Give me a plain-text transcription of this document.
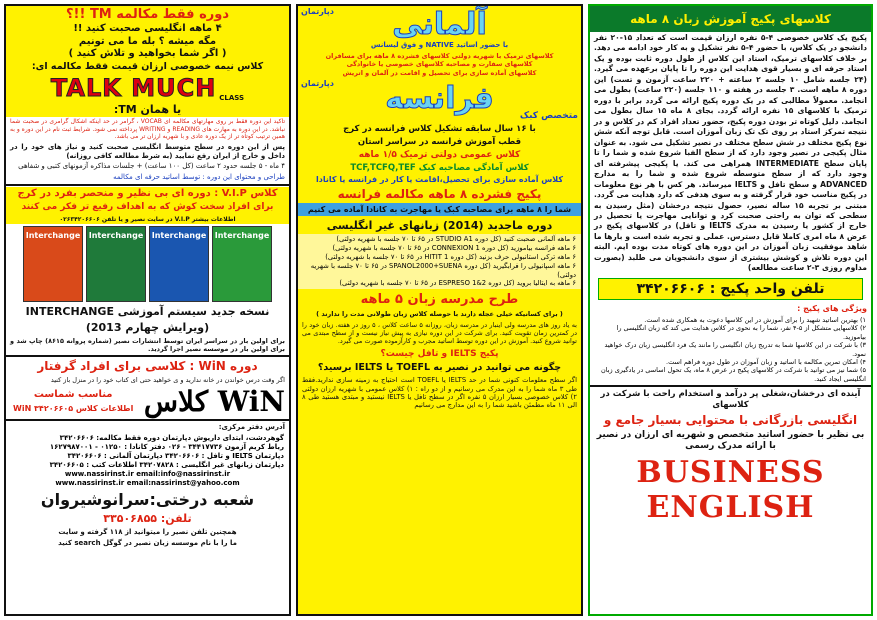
کلاسهای پکیج آموزش زبان ۸ ماهه
پکیج یک کلاس خصوصی ۴-۵ نفره ارزان قیمت است که تعداد ۱۵-۲۰ نفر دانشجو در یک کلاس، با حضور ۴-۵ نفر تشکیل و به کار خود ادامه می دهد. بر خلاف کلاسهای ترمیک، استاد این کلاس از طول دوره ثابت بوده و یک استاد حرفه ای و بسیار قوی هدایت این دوره را تا پایان برعهده می گیرد. (۲۴ جلسه شامل ۱۰ جلسه ۲ ساعته + ۲۲۰ ساعت آزمون و تست) این دوره ۸ ماهه است. ۳ جلسه در هفته و ۱۱۰ جلسه (۲۲۰ ساعت) بطول می انجامد. معمولاً مطالبی که در یک دوره پکیج ارائه می گردد برابر با دوره ترمیک با کلاسهای ۱۵ نفره ارائه گردد. بجای ۸ ماه ۱۵ سال بطول می انجامد. دلیل کوتاه تر بودن دوره پکیج، حضور تعداد افراد کم در کلاس و در نتیجه تمرکز استاد بر روی تک تک زبان آموزان است. قابل توجه آنکه شش نوع پکیج مختلف در شش سطح مختلف در نصیر تشکیل می شود. به عنوان مثال پکیجی در نصیر وجود دارد که از سطح الفبا شروع شده و شما را تا پایان سطح INTERMEDIATE همراهی می کند. یا پکیجی پیشرفته ای وجود دارد که از سطح متوسطه شروع شده و شما را به مدارج ADVANCED و سطح تافل و IELTS میرساند. هر کس با هر نوع معلومات در پکیج مناسب خود قرار گرفته و به سوی هدفی که دارد هدایت می گردد. مبتنی بر تجربه ۱۵ ساله نصیر، حصول نتیجه درخشان (مثل رسیدن به سطحی که توان به راحتی صحبت کرد و توانایی مهاجرت یا تحصیل در خارج از کشور یا رسیدن به مدرک IELTS و تافل) در کلاسهای پکیج در عرض ۸ ماه امری کاملا قابل دسترس. عملی و تجربه شده است و بارها ما شاهد موفقیت زبان آموزان در این دوره های کوتاه مدت بوده ایم. البته این دوره تلاش و کوشش بیشتری از سوی دانشجویان می طلبد (بصورت مداوم روزی ۳-۲ ساعت مطالعه)
تلفن واحد پکیج : ۳۴۲۰۶۶۰۶
ویژگی های پکیج :
۱) بهترین اساتید شهید را برای آموزش در این کلاسها دعوت به همکاری شده است.
۲) کلاسهایی متشکل از ۵-۴ نفر، شما را به نحوی در کلاس هدایت می کند که زبان انگلیسی را بیاموزید.
۳) با شرکت در این کلاسها شما به تدریج زبان انگلیسی را مانند یک فرد انگلیسی زبان درک خواهید نمود.
۴) امکان تمرین مکالمه با اساتید و زبان آموزان در طول دوره فراهم است.
۵) شما نیز می توانید با شرکت در کلاسهای پکیج در عرض ۸ ماه، یک تحول اساسی در یادگیری زبان انگلیسی ایجاد کنید.
آینده ای درخشان،شغلی پر درآمد و استخدام راحت با شرکت در کلاسهای
انگلیسی بازرگانی با محتوایی بسیار جامع و
بی نظیر با حضور اساتید متخصص و شهریه ای ارزان در نصیر با ارائه مدرک رسمی
BUSINESS ENGLISH
دپارتمان	آلمانی
با حضور اساتید NATIVE و فوق لیسانس
کلاسهای ترمیک با شهریه دولتی کلاسهای فشرده ۸ ماهه برای مسافران
کلاسهای سفارت و مصاحبه کلاسهای خصوصی یا خانوادگی
کلاسهای آماده سازی برای تحصیل و اقامت در آلمان و اتریش
دپارتمان	فرانسه	متخصص کبک
با ۱۶ سال سابقه تشکیل کلاس فرانسه در کرج
قطب آموزش فرانسه در سراسر استان
کلاس عمومی دولتی ترمیک ۱/۵ ماهه
کلاس آمادگی مصاحبه کبک TCF,TCFQ,TEF
کلاس آماده سازی برای تحصیل،اقامت یا کار در فرانسه یا کانادا
پکیج فشرده ۸ ماهه مکالمه فرانسه
شما را ۸ ماهه برای مصاحبه کبک یا مهاجرت به کانادا آماده می کنیم
دوره ماجدید (2014) زبانهای غیر انگلیسی
۶ ماهه آلمانی صحبت کنید (کل دوره STUDIO A1 در ۶۵ تا ۷۰ جلسه با شهریه دولتی)
۶ ماهه فرانسه بیاموزید (کل دوره CONNEXION 1 در ۶۵ تا ۷۰ جلسه با شهریه دولتی)
۶ ماهه ترکی استانبولی حرف بزنید (کل دوره HITIT 1 در ۶۵ تا ۷۰ جلسه با شهریه دولتی)
۶ ماهه اسپانیولی را فرابگیرید (کل دوره SPANOL2000+SUENA در ۶۵ تا ۷۰ جلسه با شهریه دولتی)
۶ ماهه به ایتالیا بروید (کل دوره ESPRESO 1&2 در ۶۵ تا ۷۰ جلسه با شهریه دولتی)
طرح مدرسه زبان ۵ ماهه
( برای کسانیکه خیلی عجله دارند با حوصله کلاس زبان طولانی مدت را ندارند )
به یاد روز های مدرسه ولی اینبار در مدرسه زبان، روزانه ۵ ساعت کلاس ، ۵ روز در هفته. زبان خود را در کمترین زمان تقویت کنید. برای شرکت در این دوره نیازی به پیش نیاز نیست و از سطح مبتدی می توانید شروع کنید. آموزش در این دوره توسط اساتید مجرب و کارآزموده صورت می گیرد.
پکیج IELTS و تافل چیست؟
چگونه می توانید در نصیر به TOEFL یا IELTS برسید؟
اگر سطح معلومات کنونی شما در حد IELTS یا TOEFL است احتیاج به زمینه سازی ندارید.فقط طی ۳ ماه شما را به این مدرک می رسانیم و از دو راه : ۱) کلاس عمومی با شهریه ارزان دولتی ۲) کلاس خصوصی بسیار ارزان ۵ نفره اگر در سطح تافل یا IELTS نیستید و مبتدی هستید طی ۸ الی ۱۱ ماه مطمئن باشید شما را به این مدارج می رسانیم
دوره فقط مکالمه TM !!؟
۴ ماهه انگلیسی صحبت کنید !!
مگه میشه ؟ بله ما می تونیم
( اگر شما بخواهید و تلاش کنید )
کلاس نیمه خصوصی ارزان قیمت فقط مکالمه ای:
TALK MUCH CLASS
یا همان TM:
تاکید این دوره فقط بر روی مهارتهای مکالمه ای VOCAB ، گرامر در حد اینکه اشکال گرامری در صحبت شما نباشد. در این دوره به مهارت های READING و WRITING پرداخته نمی شود. شرایط ثبت نام در این دوره و به همین ترتیب کوتاه تر از یک دوره عادی و با شهریه ارزان تر می باشد.
پس از این دوره در سطح متوسط انگلیسی صحبت کنید و نیاز های خود را در داخل و خارج از ایران رفع نمایید (به شرط مطالعه کافی روزانه)
۴ ماه - ۵ جلسه حدود ۲ ساعت (کل ۱۰۰ ساعت) + جلسات مذاکره آزمونهای کتبی و شفاهی
طراحی و محتوای این دوره : توسط اساتید حرفه ای مکالمه
کلاس V.I.P : دوره ای بی نظیر و منحصر بفرد در کرج
برای افراد سخت کوش که به اهداف رفیع تر فکر می کنند
اطلاعات بیشتر V.I.P در سایت نصیر و یا تلفن ۰۲۶۳۴۲۰۶۶۰۶
Interchange	Interchange	Interchange	Interchange
نسخه جدید سیستم آموزشی INTERCHANGE
(ویرایش چهارم 2013)
برای اولین بار در سراسر ایران توسط انتشارات نصیر (شماره پروانه ۸۶۱۵) چاپ شد و برای اولین بار در موسسه نصیر اجرا گردید.
دوره WiN : کلاسی برای افراد گرفتار
اگر وقت درس خواندن در خانه ندارید و ی خواهید حتی ای کتاب خود را در منزل باز کنید
کلاس WiN
مناسب شماست
اطلاعات کلاس WiN ۳۴۲۰۶۶۰۵
آدرس دفتر مرکزی:
گوهردشت، ابتدای داریوش دپارتمان دوره فقط مکالمه: ۳۴۲۰۶۶۰۶
رباط کریم آزمون ۳۴۴۱۷۷۳۶ - ۰۲۶ دفتر کانادا : ۰۱۲۵۰ - ۱۶۲۷۹۸۷۰۰۱
دپارتمان IELTS و تافل : ۳۴۲۰۶۶۰۶ دپارتمان آلمانی : ۳۴۲۰۶۶۰۶
دپارتمان زبانهای غیر انگلیسی : ۳۴۲۰۷۸۲۸ اطلاعات کتب : ۳۴۲۰۶۶۰۵
www.nassirinst.ir email:info@nassirinst.ir
www.nassirinst.ir email:nassirinst@yahoo.com
شعبه درختی:سرانوشیروان
تلفن: ۳۳۵۰۶۸۵۵
همچنین تلفن نصیر را میتوانید از ۱۱۸ گرفته و سایت
ما را با نام موسسه زبان نصیر در گوگل search کنید
